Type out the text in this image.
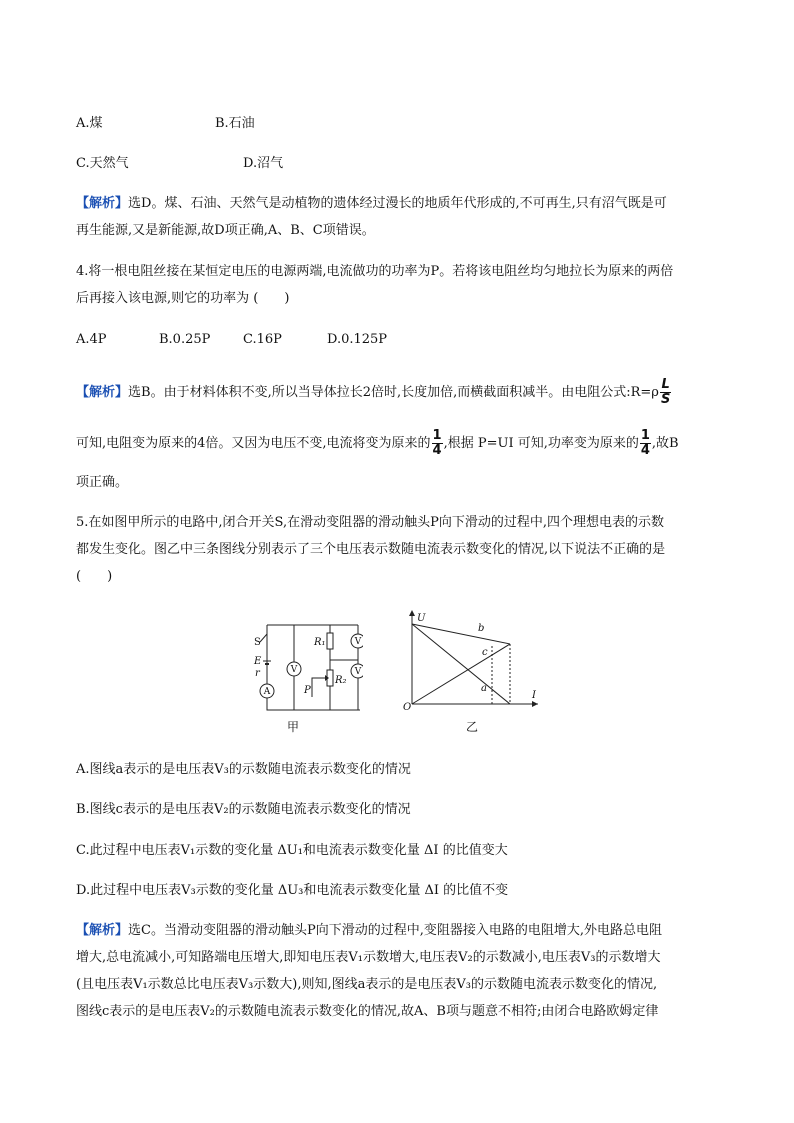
A.煤	B.石油
C.天然气	D.沼气
【解析】选D。煤、石油、天然气是动植物的遗体经过漫长的地质年代形成的,不可再生,只有沼气既是可
再生能源,又是新能源,故D项正确,A、B、C项错误。
4.将一根电阻丝接在某恒定电压的电源两端,电流做功的功率为P。若将该电阻丝均匀地拉长为原来的两倍
后再接入该电源,则它的功率为 (　　)
A.4P	B.0.25P	C.16P	D.0.125P
【解析】选B。由于材料体积不变,所以当导体拉长2倍时,长度加倍,而横截面积减半。由电阻公式:R=ρ $\frac{L}{S}$
可知,电阻变为原来的4倍。又因为电压不变,电流将变为原来的 $\frac{1}{4}$ ,根据 P=UI 可知,功率变为原来的 $\frac{1}{4}$ ,故B
项正确。
5.在如图甲所示的电路中,闭合开关S,在滑动变阻器的滑动触头P向下滑动的过程中,四个理想电表的示数
都发生变化。图乙中三条图线分别表示了三个电压表示数随电流表示数变化的情况,以下说法不正确的是
(　　)
V
V
V
A
S
E
r
R₁
R₂
P
甲
U
I
O
b
c
a
乙
A.图线a表示的是电压表V₃的示数随电流表示数变化的情况
B.图线c表示的是电压表V₂的示数随电流表示数变化的情况
C.此过程中电压表V₁示数的变化量 ΔU₁和电流表示数变化量 ΔI 的比值变大
D.此过程中电压表V₃示数的变化量 ΔU₃和电流表示数变化量 ΔI 的比值不变
【解析】选C。当滑动变阻器的滑动触头P向下滑动的过程中,变阻器接入电路的电阻增大,外电路总电阻
增大,总电流减小,可知路端电压增大,即知电压表V₁示数增大,电压表V₂的示数减小,电压表V₃的示数增大
(且电压表V₁示数总比电压表V₃示数大),则知,图线a表示的是电压表V₃的示数随电流表示数变化的情况,
图线c表示的是电压表V₂的示数随电流表示数变化的情况,故A、B项与题意不相符;由闭合电路欧姆定律
